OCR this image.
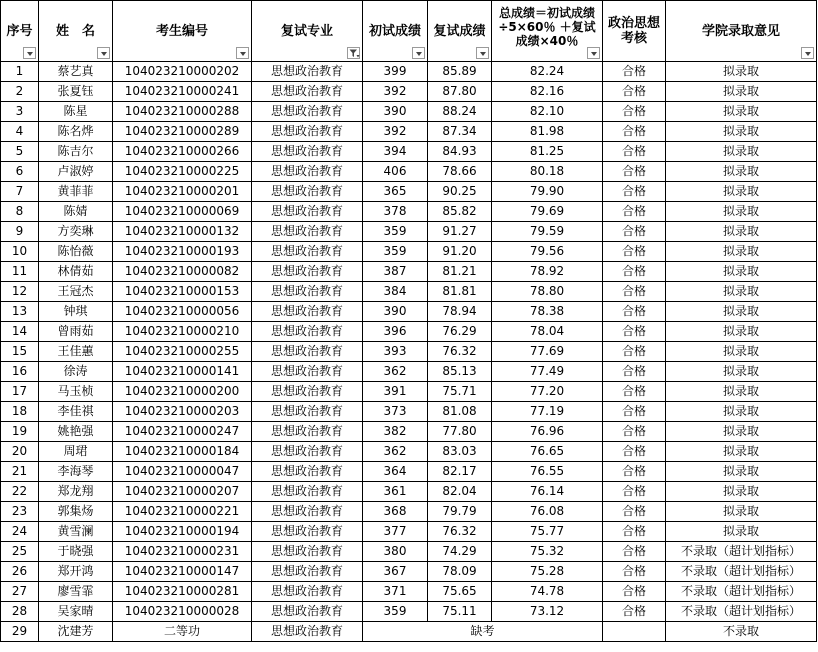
序号	姓　名	考生编号	复试专业	初试成绩	复试成绩	总成绩＝初试成绩÷5×60％ ＋复试成绩×40％	政治思想考核	学院录取意见

1	蔡艺真	104023210000202	思想政治教育	399	85.89	82.24	合格	拟录取
2	张夏钰	104023210000241	思想政治教育	392	87.80	82.16	合格	拟录取
3	陈星	104023210000288	思想政治教育	390	88.24	82.10	合格	拟录取
4	陈名烨	104023210000289	思想政治教育	392	87.34	81.98	合格	拟录取
5	陈吉尔	104023210000266	思想政治教育	394	84.93	81.25	合格	拟录取
6	卢淑婷	104023210000225	思想政治教育	406	78.66	80.18	合格	拟录取
7	黄菲菲	104023210000201	思想政治教育	365	90.25	79.90	合格	拟录取
8	陈婧	104023210000069	思想政治教育	378	85.82	79.69	合格	拟录取
9	方奕琳	104023210000132	思想政治教育	359	91.27	79.59	合格	拟录取
10	陈怡薇	104023210000193	思想政治教育	359	91.20	79.56	合格	拟录取
11	林倩茹	104023210000082	思想政治教育	387	81.21	78.92	合格	拟录取
12	王冠杰	104023210000153	思想政治教育	384	81.81	78.80	合格	拟录取
13	钟琪	104023210000056	思想政治教育	390	78.94	78.38	合格	拟录取
14	曾雨茹	104023210000210	思想政治教育	396	76.29	78.04	合格	拟录取
15	王佳蕙	104023210000255	思想政治教育	393	76.32	77.69	合格	拟录取
16	徐涛	104023210000141	思想政治教育	362	85.13	77.49	合格	拟录取
17	马玉桢	104023210000200	思想政治教育	391	75.71	77.20	合格	拟录取
18	李佳祺	104023210000203	思想政治教育	373	81.08	77.19	合格	拟录取
19	姚艳强	104023210000247	思想政治教育	382	77.80	76.96	合格	拟录取
20	周珺	104023210000184	思想政治教育	362	83.03	76.65	合格	拟录取
21	李海琴	104023210000047	思想政治教育	364	82.17	76.55	合格	拟录取
22	郑龙翔	104023210000207	思想政治教育	361	82.04	76.14	合格	拟录取
23	郭集炀	104023210000221	思想政治教育	368	79.79	76.08	合格	拟录取
24	黄雪澜	104023210000194	思想政治教育	377	76.32	75.77	合格	拟录取
25	于晓强	104023210000231	思想政治教育	380	74.29	75.32	合格	不录取（超计划指标）
26	郑开鸿	104023210000147	思想政治教育	367	78.09	75.28	合格	不录取（超计划指标）
27	廖雪霏	104023210000281	思想政治教育	371	75.65	74.78	合格	不录取（超计划指标）
28	吴家晴	104023210000028	思想政治教育	359	75.11	73.12	合格	不录取（超计划指标）
29	沈建芳	二等功	思想政治教育	缺考				不录取
